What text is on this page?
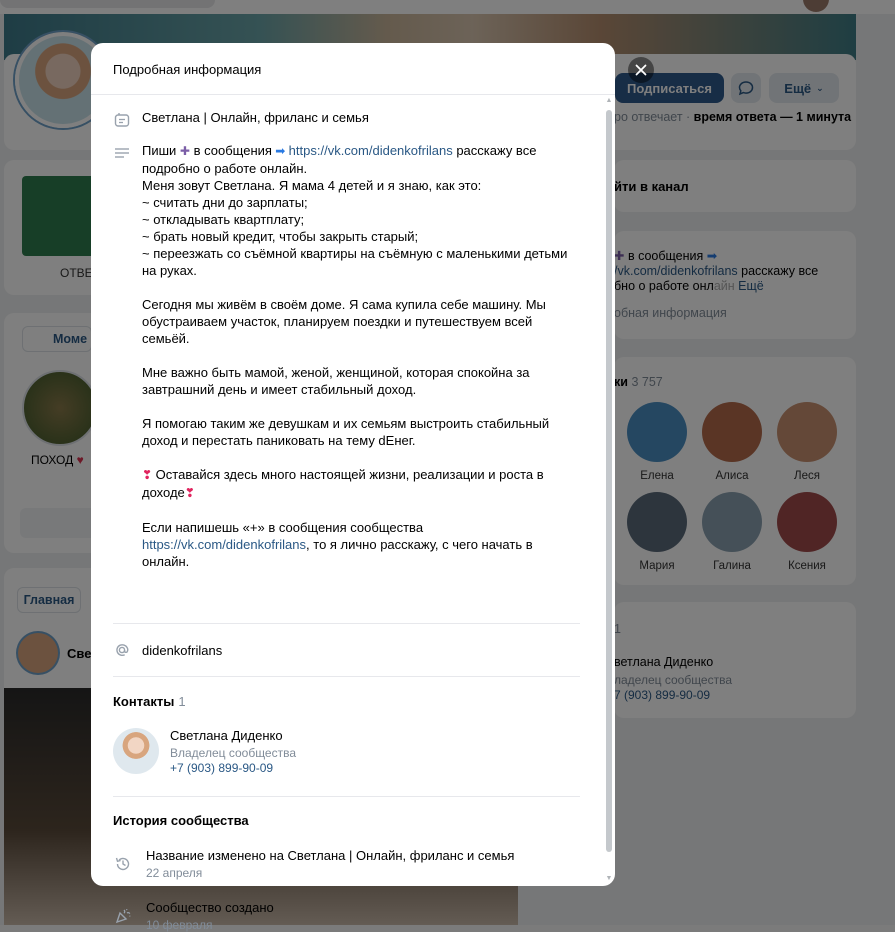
Подробная информация
Светлана | Онлайн, фриланс и семья
Пиши ✚ в сообщения ➡ https://vk.com/didenkofrilans расскажу все подробно о работе онлайн.
Меня зовут Светлана. Я мама 4 детей и я знаю, как это:
~ считать дни до зарплаты;
~ откладывать квартплату;
~ брать новый кредит, чтобы закрыть старый;
~ переезжать со съёмной квартиры на съёмную с маленькими детьми на руках.

Сегодня мы живём в своём доме. Я сама купила себе машину. Мы обустраиваем участок, планируем поездки и путешествуем всей семьёй.

Мне важно быть мамой, женой, женщиной, которая спокойна за завтрашний день и имеет стабильный доход.

Я помогаю таким же девушкам и их семьям выстроить стабильный доход и перестать паниковать на тему dЕнег.

❣ Оставайся здесь много настоящей жизни, реализации и роста в доходе❣

Если напишешь «+» в сообщения сообщества
https://vk.com/didenkofrilans, то я лично расскажу, с чего начать в онлайн.
didenkofrilans
Контакты 1
Светлана Диденко
Владелец сообщества
+7 (903) 899-90-09
История сообщества
Название изменено на Светлана | Онлайн, фриланс и семья
22 апреля
Сообщество создано
10 февраля
▲
▼
